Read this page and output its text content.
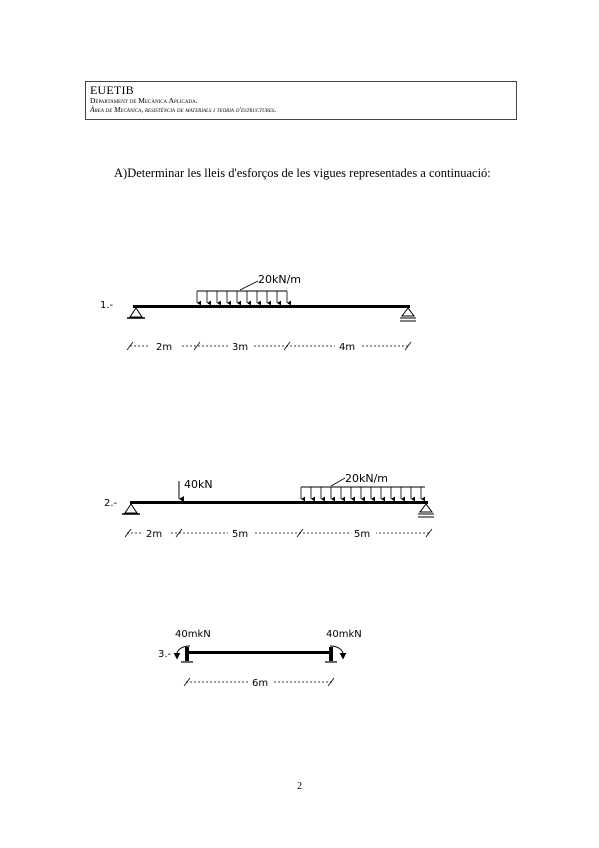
EUETIB
Departament de Mecànica Aplicada.
Àrea de Mecànica, resistència de materials i teoria d'estructures.
A)Determinar les lleis d'esforços de les vigues representades a continuació:
1.-
20kN/m
2m	3m	4m
2.-
40kN	20kN/m
2m	5m	5m
3.-
40mkN	40mkN
6m
2
